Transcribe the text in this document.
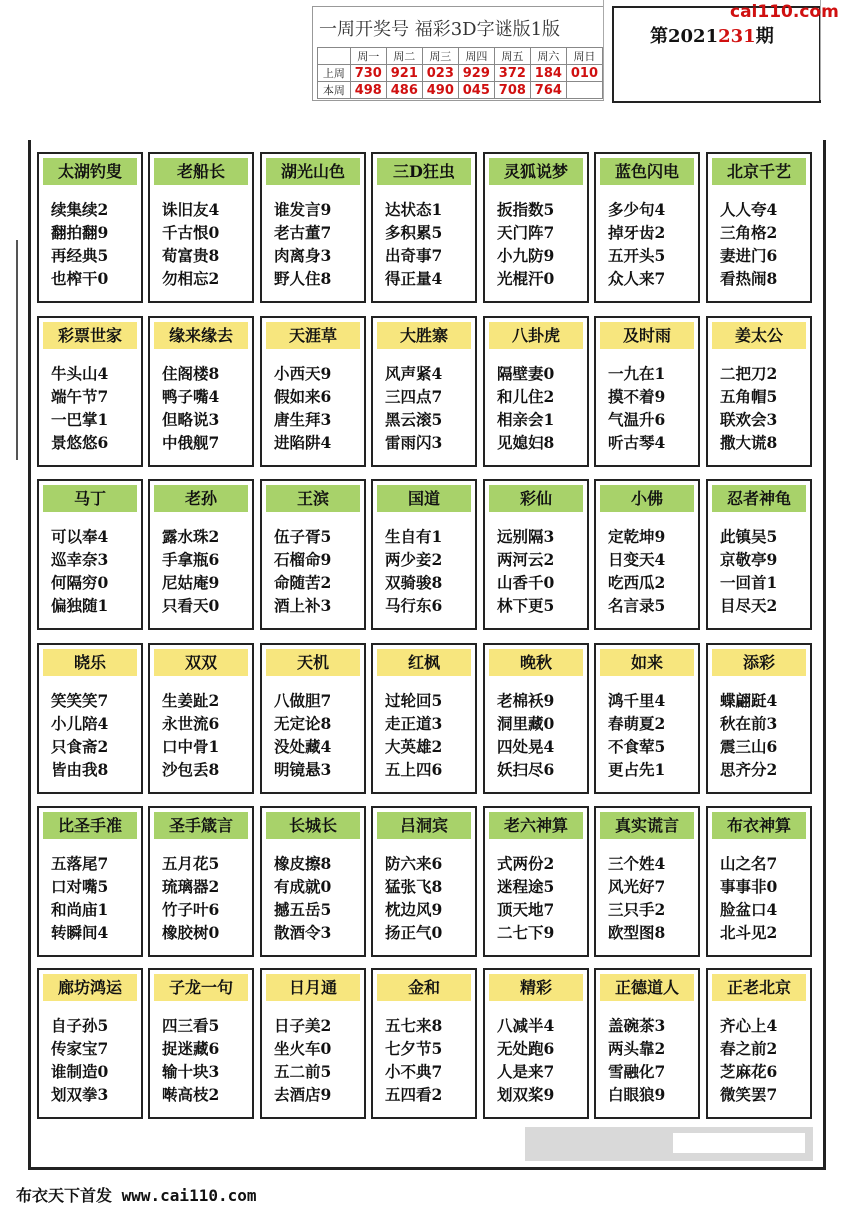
一周开奖号 福彩3D字谜版1版
	周一	周二	周三	周四	周五	周六	周日
上周	730	921	023	929	372	184	010
本周	498	486	490	045	708	764	
第2021231期
cai110.com
布衣天下首发 www.cai110.com
太湖钓叟
续集续2
翻拍翻9
再经典5
也榨干0
老船长
诛旧友4
千古恨0
荀富贵8
勿相忘2
湖光山色
谁发言9
老古董7
肉离身3
野人住8
三D狂虫
达状态1
多积累5
出奇事7
得正量4
灵狐说梦
扳指数5
天门阵7
小九防9
光棍汗0
蓝色闪电
多少句4
掉牙齿2
五开头5
众人来7
北京千艺
人人夸4
三角格2
妻进门6
看热闹8
彩票世家
牛头山4
端午节7
一巴掌1
景悠悠6
缘来缘去
住阁楼8
鸭子嘴4
但略说3
中俄舰7
天涯草
小西天9
假如来6
唐生拜3
进陷阱4
大胜寨
风声紧4
三四点7
黑云滚5
雷雨闪3
八卦虎
隔壁妻0
和儿住2
相亲会1
见媳妇8
及时雨
一九在1
摸不着9
气温升6
听古琴4
姜太公
二把刀2
五角帽5
联欢会3
撒大谎8
马丁
可以奉4
巡幸奈3
何隔穷0
偏独随1
老孙
露水珠2
手拿瓶6
尼姑庵9
只看天0
王滨
伍子胥5
石榴命9
命随苦2
酒上补3
国道
生自有1
两少妾2
双骑骏8
马行东6
彩仙
远别隔3
两河云2
山香千0
林下更5
小佛
定乾坤9
日变天4
吃西瓜2
名言录5
忍者神龟
此镇吴5
京敬亭9
一回首1
目尽天2
晓乐
笑笑笑7
小儿陪4
只食斋2
皆由我8
双双
生姜趾2
永世流6
口中骨1
沙包丢8
天机
八做胆7
无定论8
没处藏4
明镜悬3
红枫
过轮回5
走正道3
大英雄2
五上四6
晚秋
老棉袄9
洞里藏0
四处晃4
妖扫尽6
如来
鸿千里4
春萌夏2
不食荤5
更占先1
添彩
蝶翩跹4
秋在前3
震三山6
思齐分2
比圣手准
五落尾7
口对嘴5
和尚庙1
转瞬间4
圣手箴言
五月花5
琉璃器2
竹子叶6
橡胶树0
长城长
橡皮擦8
有成就0
撼五岳5
散酒令3
吕洞宾
防六来6
猛张飞8
枕边风9
扬正气0
老六神算
式两份2
迷程途5
顶天地7
二七下9
真实谎言
三个姓4
风光好7
三只手2
欧型图8
布衣神算
山之名7
事事非0
脸盆口4
北斗见2
廊坊鸿运
自子孙5
传家宝7
谁制造0
划双拳3
子龙一句
四三看5
捉迷藏6
输十块3
啭高枝2
日月通
日子美2
坐火车0
五二前5
去酒店9
金和
五七来8
七夕节5
小不典7
五四看2
精彩
八减半4
无处跑6
人是来7
划双桨9
正德道人
盖碗茶3
两头靠2
雪融化7
白眼狼9
正老北京
齐心上4
春之前2
芝麻花6
微笑罢7
